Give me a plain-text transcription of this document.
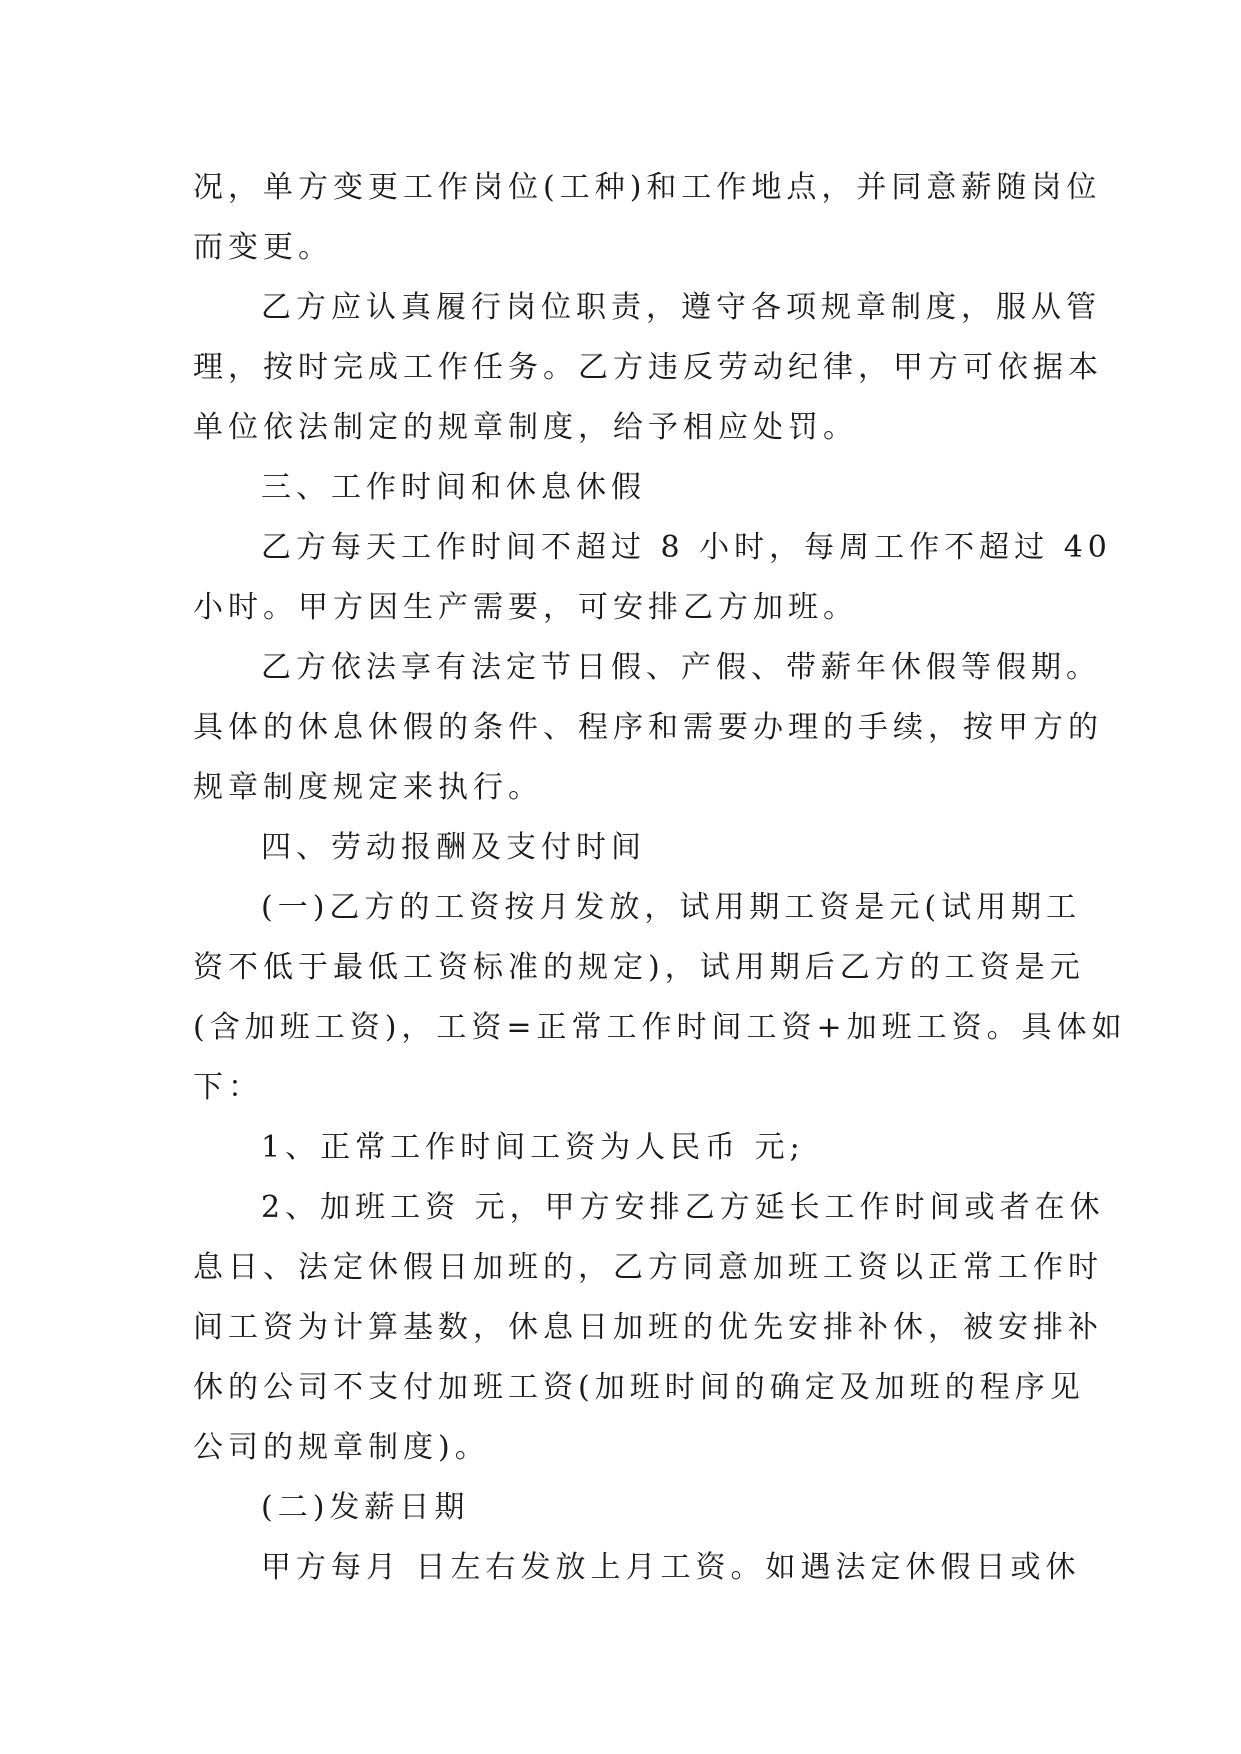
况，单方变更工作岗位(工种)和工作地点，并同意薪随岗位

而变更。

乙方应认真履行岗位职责，遵守各项规章制度，服从管

理，按时完成工作任务。乙方违反劳动纪律，甲方可依据本

单位依法制定的规章制度，给予相应处罚。

三、工作时间和休息休假

乙方每天工作时间不超过 8 小时，每周工作不超过 40

小时。甲方因生产需要，可安排乙方加班。

乙方依法享有法定节日假、产假、带薪年休假等假期。

具体的休息休假的条件、程序和需要办理的手续，按甲方的

规章制度规定来执行。

四、劳动报酬及支付时间

(一)乙方的工资按月发放，试用期工资是元(试用期工

资不低于最低工资标准的规定)，试用期后乙方的工资是元

(含加班工资)，工资=正常工作时间工资+加班工资。具体如

下：

1、正常工作时间工资为人民币 元;

2、加班工资 元，甲方安排乙方延长工作时间或者在休

息日、法定休假日加班的，乙方同意加班工资以正常工作时

间工资为计算基数，休息日加班的优先安排补休，被安排补

休的公司不支付加班工资(加班时间的确定及加班的程序见

公司的规章制度)。

(二)发薪日期

甲方每月 日左右发放上月工资。如遇法定休假日或休
